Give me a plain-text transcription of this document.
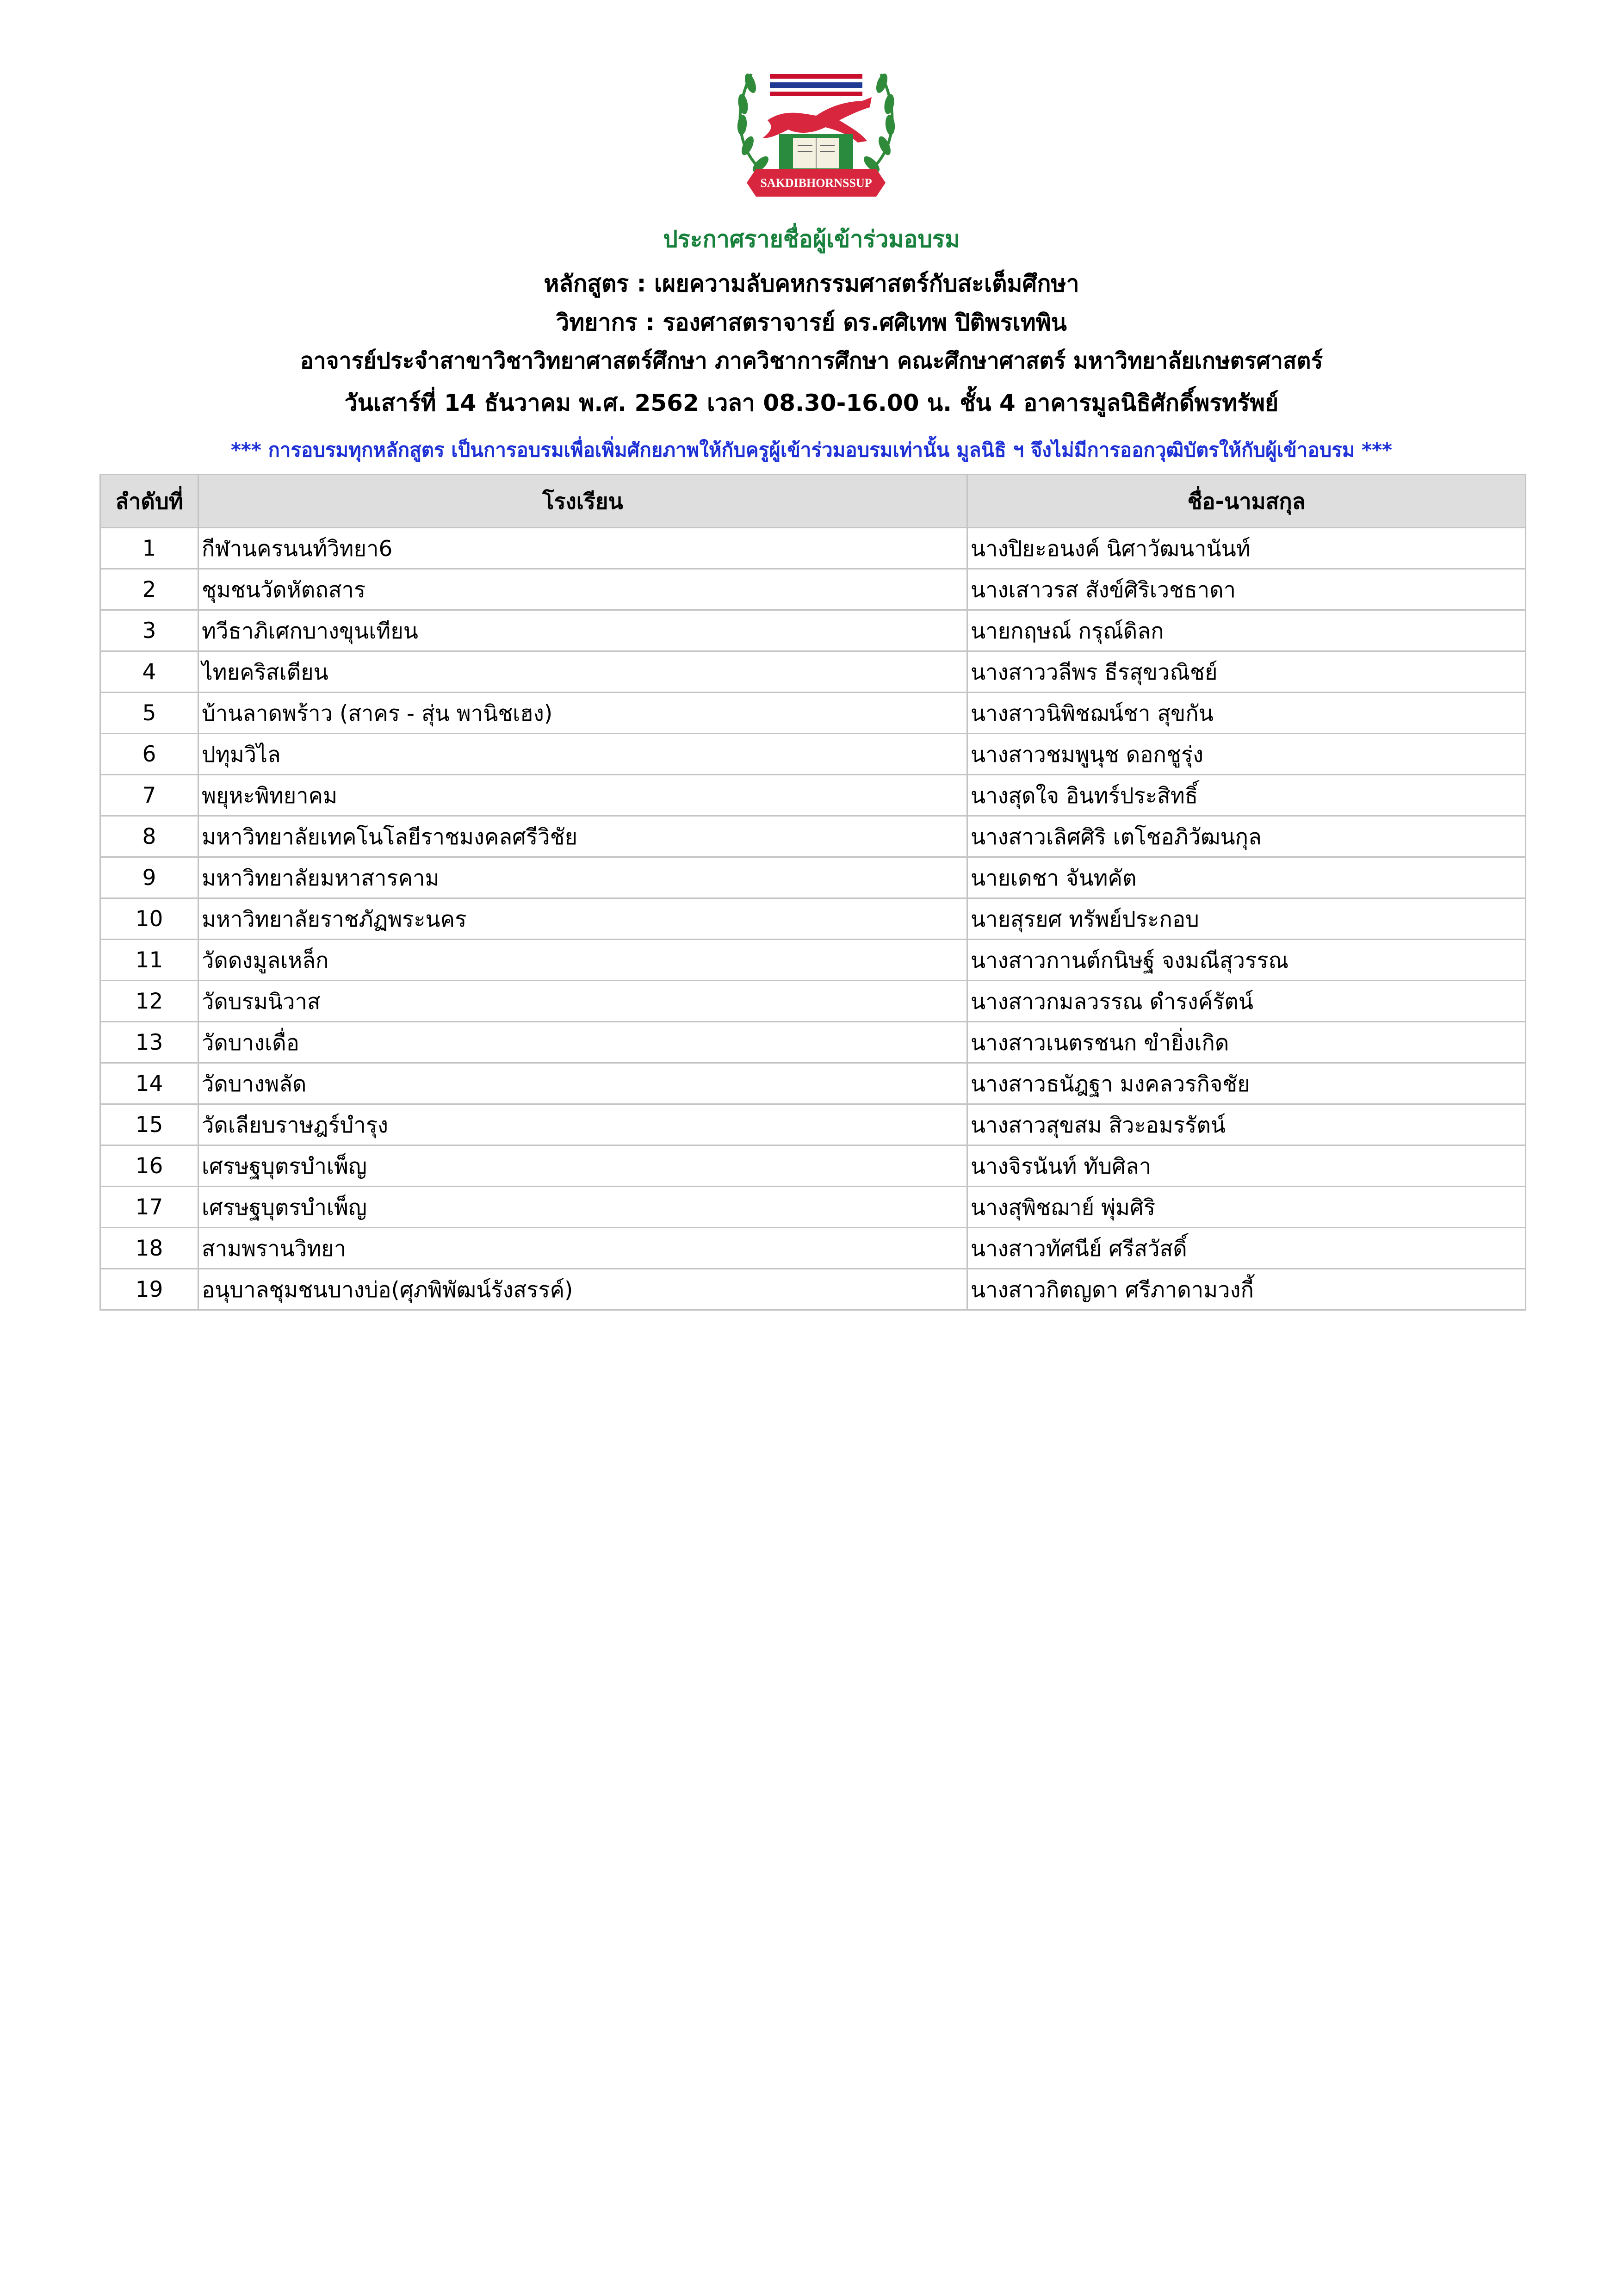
SAKDIBHORNSSUP
ประกาศรายชื่อผู้เข้าร่วมอบรม
หลักสูตร : เผยความลับคหกรรมศาสตร์กับสะเต็มศึกษา
วิทยากร : รองศาสตราจารย์ ดร.ศศิเทพ ปิติพรเทพิน
อาจารย์ประจำสาขาวิชาวิทยาศาสตร์ศึกษา ภาควิชาการศึกษา คณะศึกษาศาสตร์ มหาวิทยาลัยเกษตรศาสตร์
วันเสาร์ที่ 14 ธันวาคม พ.ศ. 2562 เวลา 08.30-16.00 น. ชั้น 4 อาคารมูลนิธิศักดิ์พรทรัพย์
*** การอบรมทุกหลักสูตร เป็นการอบรมเพื่อเพิ่มศักยภาพให้กับครูผู้เข้าร่วมอบรมเท่านั้น มูลนิธิ ฯ จึงไม่มีการออกวุฒิบัตรให้กับผู้เข้าอบรม ***
ลำดับที่	โรงเรียน	ชื่อ-นามสกุล
1	กีฬานครนนท์วิทยา6	นางปิยะอนงค์ นิศาวัฒนานันท์
2	ชุมชนวัดหัตถสาร	นางเสาวรส สังข์ศิริเวชธาดา
3	ทวีธาภิเศกบางขุนเทียน	นายกฤษณ์ กรุณ์ดิลก
4	ไทยคริสเตียน	นางสาววลีพร ธีรสุขวณิชย์
5	บ้านลาดพร้าว (สาคร - สุ่น พานิชเฮง)	นางสาวนิพิชฌน์ชา สุขกัน
6	ปทุมวิไล	นางสาวชมพูนุช ดอกชูรุ่ง
7	พยุหะพิทยาคม	นางสุดใจ อินทร์ประสิทธิ์
8	มหาวิทยาลัยเทคโนโลยีราชมงคลศรีวิชัย	นางสาวเลิศศิริ เตโชอภิวัฒนกุล
9	มหาวิทยาลัยมหาสารคาม	นายเดชา จันทคัต
10	มหาวิทยาลัยราชภัฏพระนคร	นายสุรยศ ทรัพย์ประกอบ
11	วัดดงมูลเหล็ก	นางสาวกานต์กนิษฐ์ จงมณีสุวรรณ
12	วัดบรมนิวาส	นางสาวกมลวรรณ ดำรงค์รัตน์
13	วัดบางเดื่อ	นางสาวเนตรชนก ขำยิ่งเกิด
14	วัดบางพลัด	นางสาวธนัฎฐา มงคลวรกิจชัย
15	วัดเลียบราษฎร์บำรุง	นางสาวสุขสม สิวะอมรรัตน์
16	เศรษฐบุตรบำเพ็ญ	นางจิรนันท์ ทับศิลา
17	เศรษฐบุตรบำเพ็ญ	นางสุพิชฌาย์ พุ่มศิริ
18	สามพรานวิทยา	นางสาวทัศนีย์ ศรีสวัสดิ์
19	อนุบาลชุมชนบางบ่อ(ศุภพิพัฒน์รังสรรค์)	นางสาวกิตญดา ศรีภาดามวงกี้
